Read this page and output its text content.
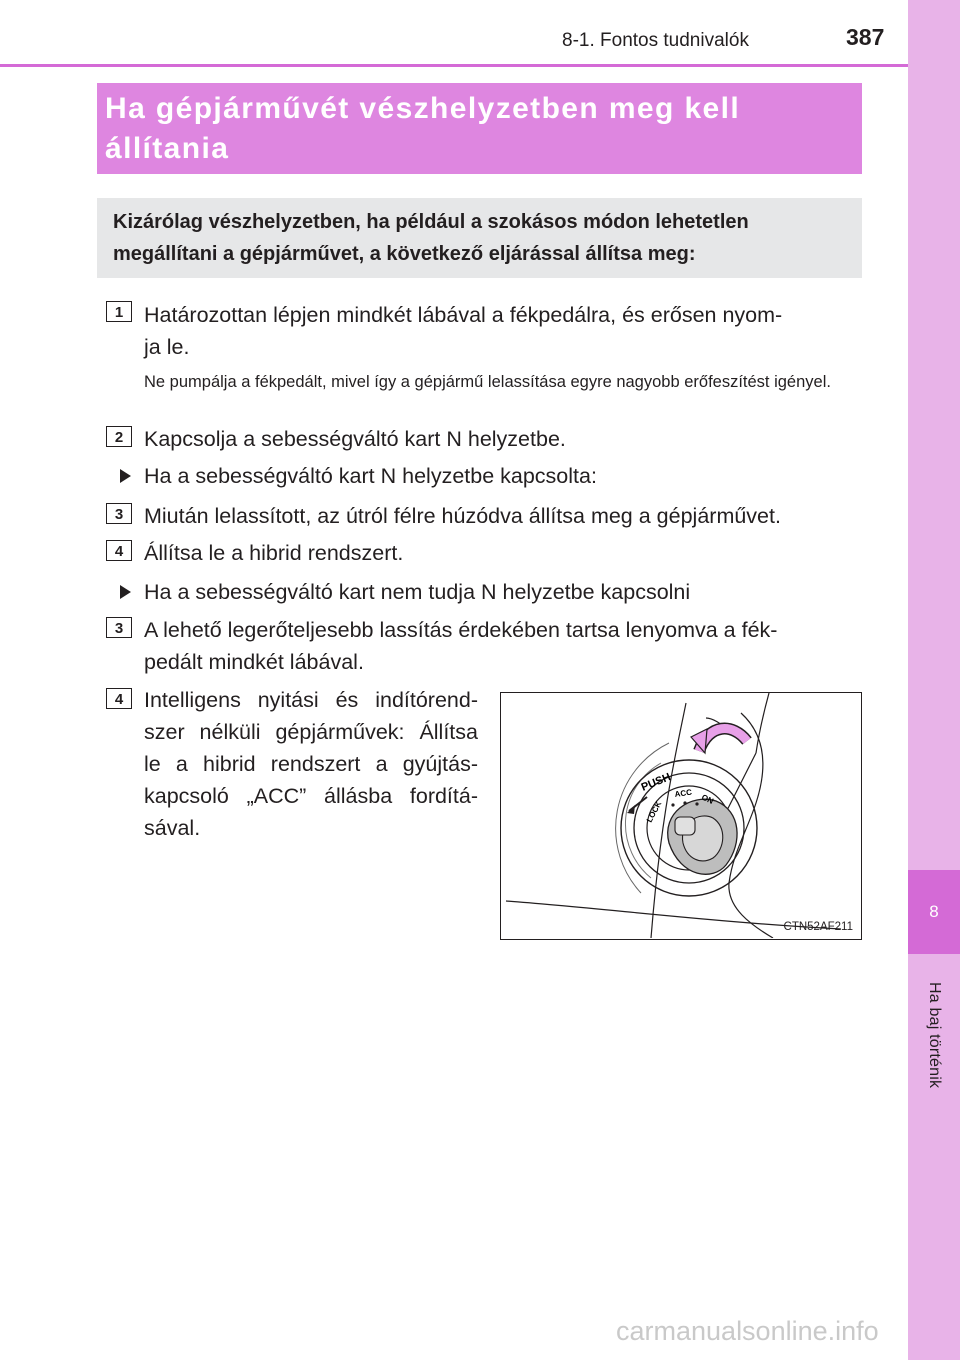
8-1. Fontos tudnivalók	387
8
Ha baj történik
Ha gépjárművét vészhelyzetben meg kell állítania
Kizárólag vészhelyzetben, ha például a szokásos módon lehetetlen megállítani a gépjárművet, a következő eljárással állítsa meg:
1 Határozottan lépjen mindkét lábával a fékpedálra, és erősen nyom-
ja le.
Ne pumpálja a fékpedált, mivel így a gépjármű lelassítása egyre nagyobb erőfeszítést igényel.
2 Kapcsolja a sebességváltó kart N helyzetbe.
Ha a sebességváltó kart N helyzetbe kapcsolta:
3 Miután lelassított, az útról félre húzódva állítsa meg a gépjárművet.
4 Állítsa le a hibrid rendszert.
Ha a sebességváltó kart nem tudja N helyzetbe kapcsolni
3 A lehető legerőteljesebb lassítás érdekében tartsa lenyomva a fék-
pedált mindkét lábával.
4 Intelligens nyitási és indítórend-
szer nélküli gépjárművek: Állítsa
le a hibrid rendszert a gyújtás-
kapcsoló „ACC” állásba fordítá-
sával.
PUSH
LOCK
ACC ON
CTN52AF211
carmanualsonline.info
